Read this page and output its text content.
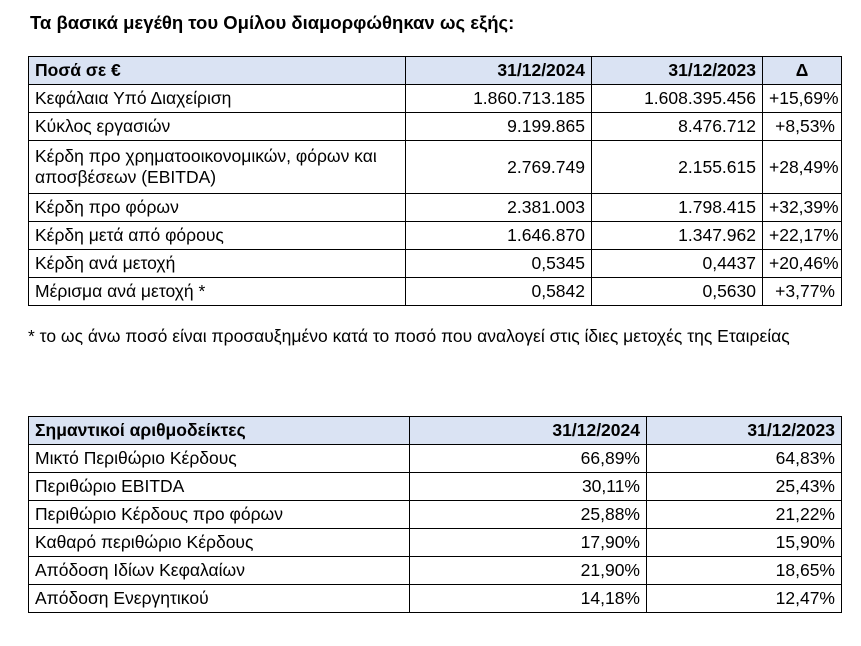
Τα βασικά μεγέθη του Ομίλου διαμορφώθηκαν ως εξής:
Ποσά σε €	31/12/2024	31/12/2023	Δ
Κεφάλαια Υπό Διαχείριση	1.860.713.185	1.608.395.456	+15,69%
Κύκλος εργασιών	9.199.865	8.476.712	+8,53%
Κέρδη προ χρηματοοικονομικών, φόρων και αποσβέσεων (EBITDA)	2.769.749	2.155.615	+28,49%
Κέρδη προ φόρων	2.381.003	1.798.415	+32,39%
Κέρδη μετά από φόρους	1.646.870	1.347.962	+22,17%
Κέρδη ανά μετοχή	0,5345	0,4437	+20,46%
Μέρισμα ανά μετοχή *	0,5842	0,5630	+3,77%
* το ως άνω ποσό είναι προσαυξημένο κατά το ποσό που αναλογεί στις ίδιες μετοχές της Εταιρείας
Σημαντικοί αριθμοδείκτες	31/12/2024	31/12/2023
Μικτό Περιθώριο Κέρδους	66,89%	64,83%
Περιθώριο EBITDA	30,11%	25,43%
Περιθώριο Κέρδους προ φόρων	25,88%	21,22%
Καθαρό περιθώριο Κέρδους	17,90%	15,90%
Απόδοση Ιδίων Κεφαλαίων	21,90%	18,65%
Απόδοση Ενεργητικού	14,18%	12,47%
